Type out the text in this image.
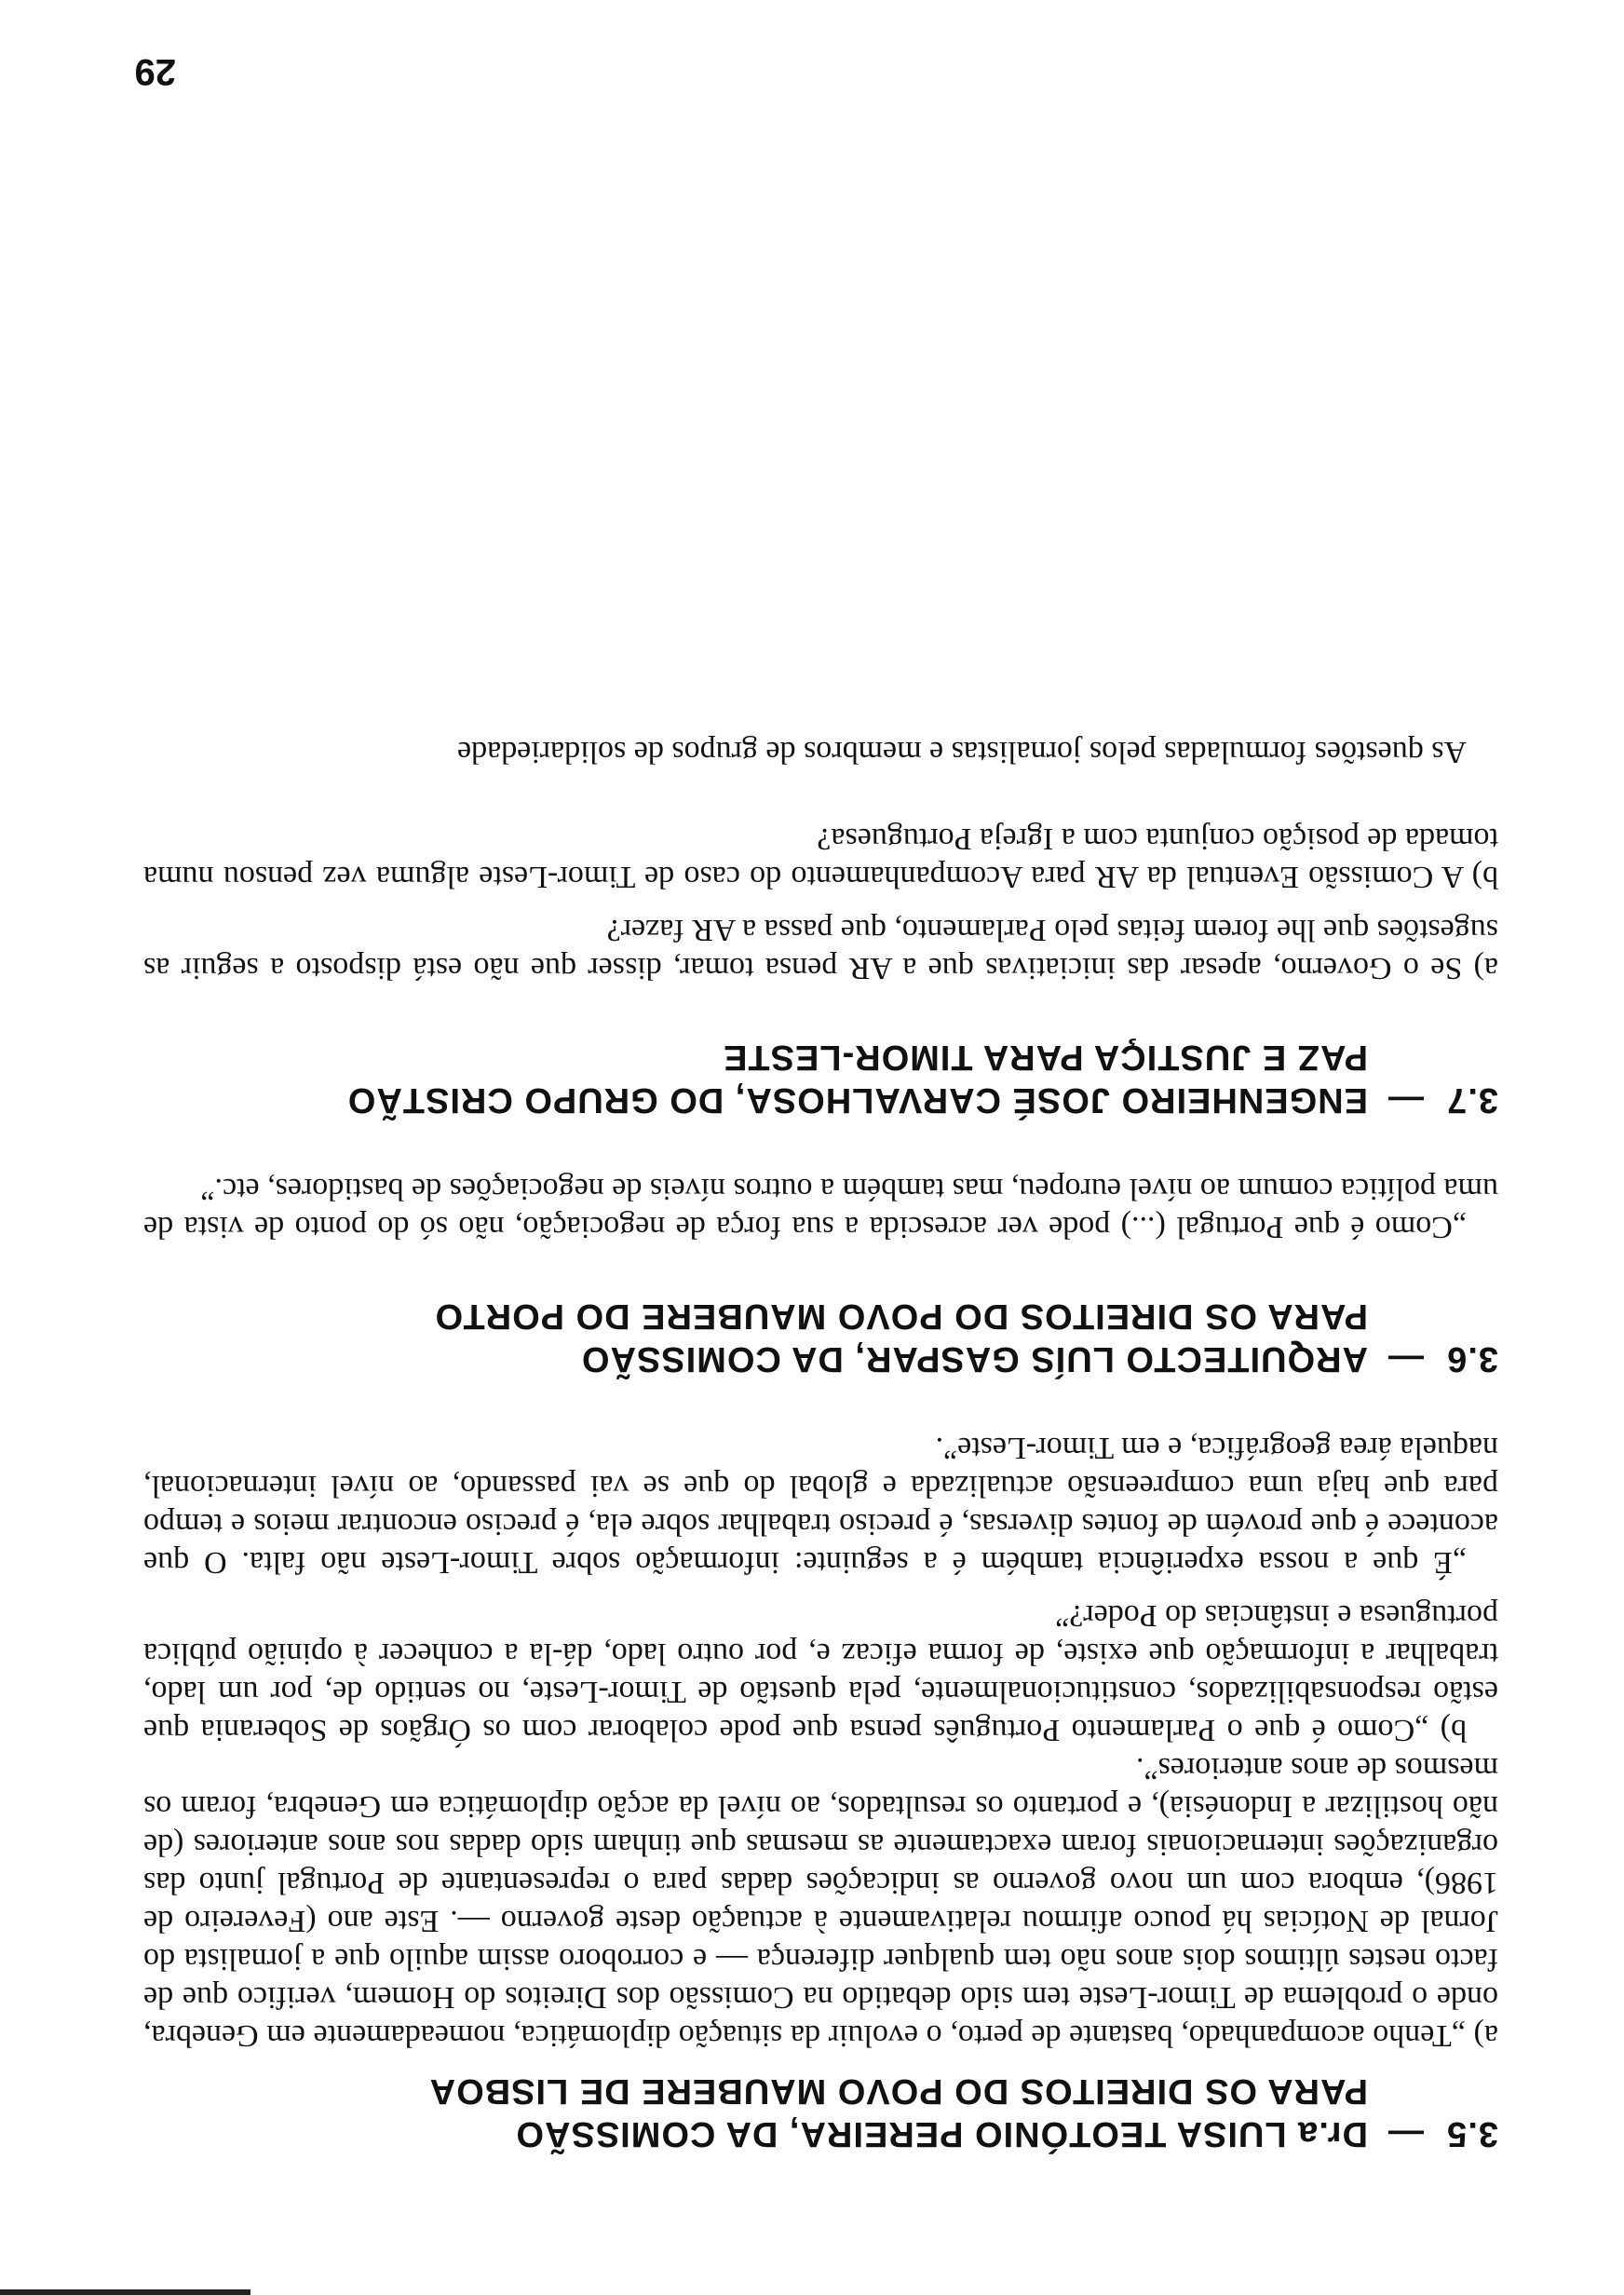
3.5
—
Dr.a LUISA TEOTÓNIO PEREIRA, DA COMISSÃO
PARA OS DIREITOS DO POVO MAUBERE DE LISBOA

a) „Tenho acompanhado, bastante de perto, o evoluir da situação diplomática, nomeadamente em Genebra, onde o problema de Timor-Leste tem sido debatido na Comissão dos Direitos do Homem, verifico que de facto nestes últimos dois anos não tem qualquer diferença — e corroboro assim aquilo que a jornalista do Jornal de Notícias há pouco afirmou relativamente à actuação deste governo —. Este ano (Fevereiro de 1986), embora com um novo governo as indicações dadas para o representante de Portugal junto das organizações internacionais foram exactamente as mesmas que tinham sido dadas nos anos anteriores (de não hostilizar a Indonésia), e portanto os resultados, ao nível da acção diplomática em Genebra, foram os mesmos de anos anteriores”.

b) „Como é que o Parlamento Português pensa que pode colaborar com os Órgãos de Soberania que estão responsabilizados, constitucionalmente, pela questão de Timor-Leste, no sentido de, por um lado, trabalhar a informação que existe, de forma eficaz e, por outro lado, dá-la a conhecer à opinião pública portuguesa e instâncias do Poder?”

„É que a nossa experiência também é a seguinte: informação sobre Timor-Leste não falta. O que acontece é que provém de fontes diversas, é preciso trabalhar sobre ela, é preciso encontrar meios e tempo para que haja uma compreensão actualizada e global do que se vai passando, ao nível internacional, naquela área geográfica, e em Timor-Leste”.

3.6
—
ARQUITECTO LUÍS GASPAR, DA COMISSÃO
PARA OS DIREITOS DO POVO MAUBERE DO PORTO

„Como é que Portugal (...) pode ver acrescida a sua força de negociação, não só do ponto de vista de uma política comum ao nível europeu, mas também a outros níveis de negociações de bastidores, etc.”

3.7
—
ENGENHEIRO JOSÉ CARVALHOSA, DO GRUPO CRISTÃO
PAZ E JUSTIÇA PARA TIMOR-LESTE

a) Se o Governo, apesar das iniciativas que a AR pensa tomar, disser que não está disposto a seguir as sugestões que lhe forem feitas pelo Parlamento, que passa a AR fazer?

b) A Comissão Eventual da AR para Acompanhamento do caso de Timor-Leste alguma vez pensou numa tomada de posição conjunta com a Igreja Portuguesa?

As questões formuladas pelos jornalistas e membros de grupos de solidariedade

29
